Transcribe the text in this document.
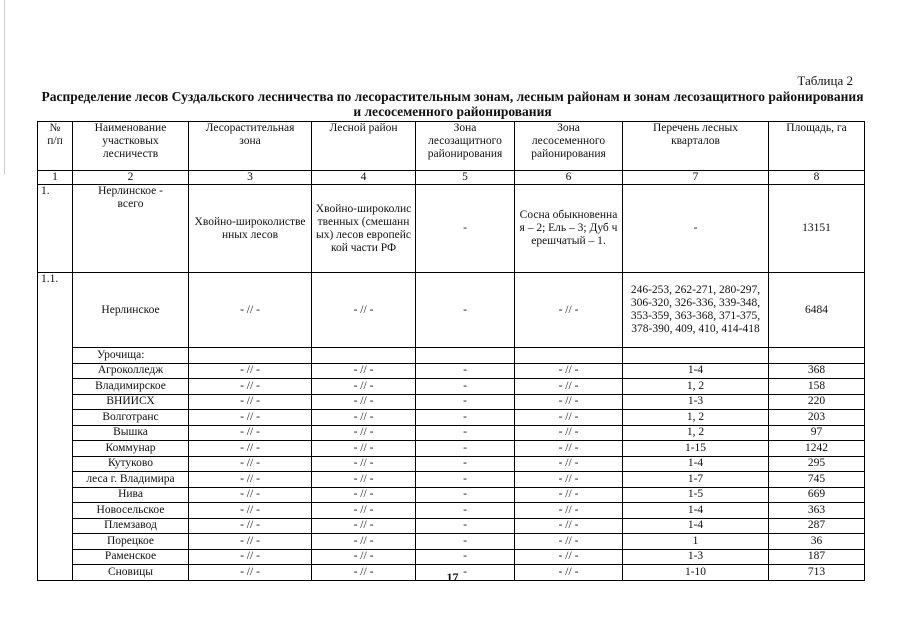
Таблица 2
Распределение лесов Суздальского лесничества по лесорастительным зонам, лесным районам и зонам лесозащитного районирования и лесосеменного районирования
№ п/п	Наименование участковых лесничеств	Лесорастительная зона	Лесной район	Зона лесозащитного районирования	Зона лесосеменного районирования	Перечень лесных кварталов	Площадь, га
1	2	3	4	5	6	7	8
1.	Нерлинское - всего	Хвойно-широколиственных лесов	Хвойно-широколиственных (смешанных) лесов европейской части РФ	-	Сосна обыкновенная – 2; Ель – 3; Дуб черешчатый – 1.	-	13151
1.1.	Нерлинское	- // -	- // -	-	- // -	246-253, 262-271, 280-297, 306-320, 326-336, 339-348, 353-359, 363-368, 371-375, 378-390, 409, 410, 414-418	6484
	Урочища:						
	Агроколледж	- // -	- // -	-	- // -	1-4	368
	Владимирское	- // -	- // -	-	- // -	1, 2	158
	ВНИИСХ	- // -	- // -	-	- // -	1-3	220
	Волготранс	- // -	- // -	-	- // -	1, 2	203
	Вышка	- // -	- // -	-	- // -	1, 2	97
	Коммунар	- // -	- // -	-	- // -	1-15	1242
	Кутуково	- // -	- // -	-	- // -	1-4	295
	леса г. Владимира	- // -	- // -	-	- // -	1-7	745
	Нива	- // -	- // -	-	- // -	1-5	669
	Новосельское	- // -	- // -	-	- // -	1-4	363
	Племзавод	- // -	- // -	-	- // -	1-4	287
	Порецкое	- // -	- // -	-	- // -	1	36
	Раменское	- // -	- // -	-	- // -	1-3	187
	Сновицы	- // -	- // -	-	- // -	1-10	713
17
